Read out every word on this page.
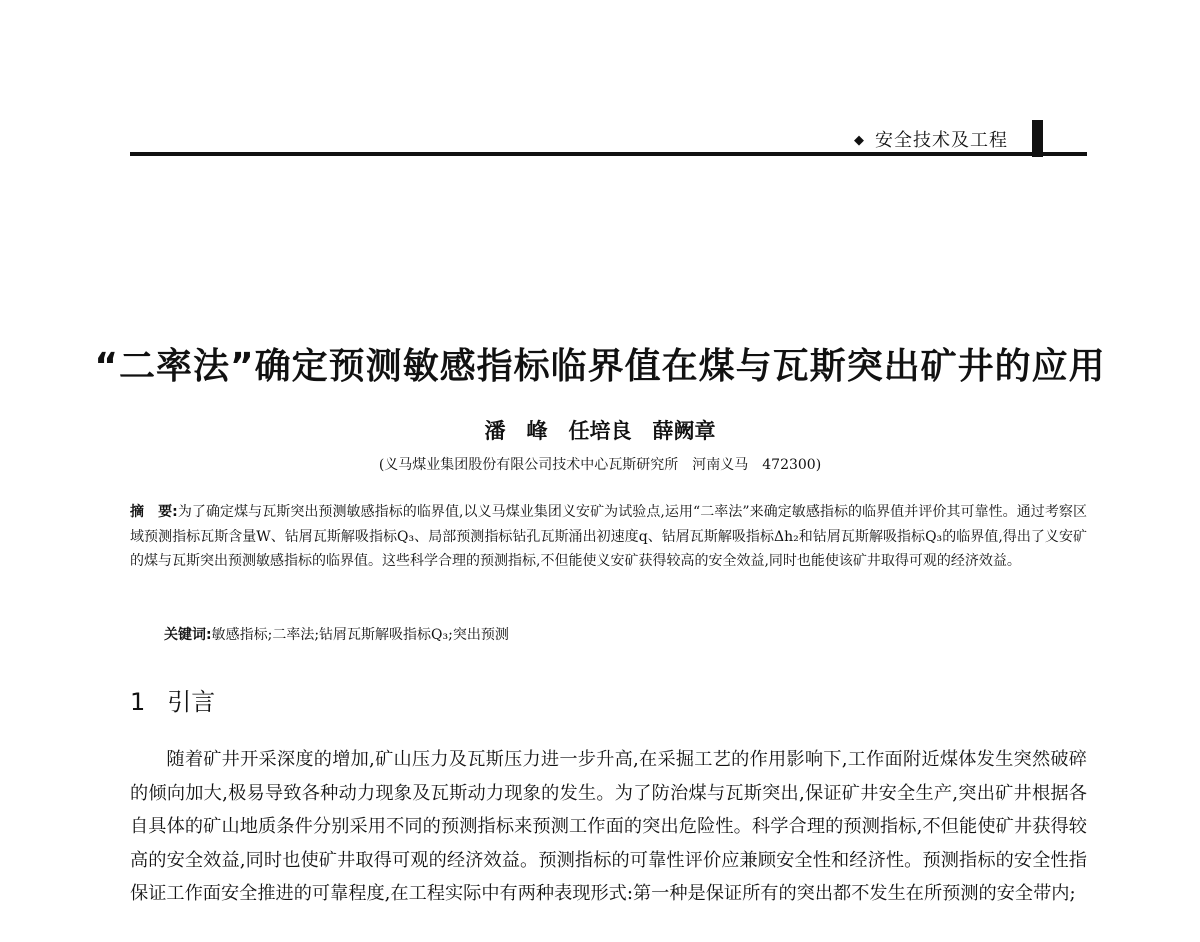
◆ 安全技术及工程
“二率法”确定预测敏感指标临界值在煤与瓦斯突出矿井的应用
潘　峰　任培良　薛阙章
(义马煤业集团股份有限公司技术中心瓦斯研究所　河南义马　472300)

摘　要:为了确定煤与瓦斯突出预测敏感指标的临界值,以义马煤业集团义安矿为试验点,运用“二率法”来确定敏感指标的临界值并评价其可靠性。通过考察区域预测指标瓦斯含量W、钻屑瓦斯解吸指标Q₃、局部预测指标钻孔瓦斯涌出初速度q、钻屑瓦斯解吸指标Δh₂和钻屑瓦斯解吸指标Q₃的临界值,得出了义安矿的煤与瓦斯突出预测敏感指标的临界值。这些科学合理的预测指标,不但能使义安矿获得较高的安全效益,同时也能使该矿井取得可观的经济效益。

关键词:敏感指标;二率法;钻屑瓦斯解吸指标Q₃;突出预测
1 引言

随着矿井开采深度的增加,矿山压力及瓦斯压力进一步升高,在采掘工艺的作用影响下,工作面附近煤体发生突然破碎的倾向加大,极易导致各种动力现象及瓦斯动力现象的发生。为了防治煤与瓦斯突出,保证矿井安全生产,突出矿井根据各自具体的矿山地质条件分别采用不同的预测指标来预测工作面的突出危险性。科学合理的预测指标,不但能使矿井获得较高的安全效益,同时也使矿井取得可观的经济效益。预测指标的可靠性评价应兼顾安全性和经济性。预测指标的安全性指保证工作面安全推进的可靠程度,在工程实际中有两种表现形式:第一种是保证所有的突出都不发生在所预测的安全带内;
